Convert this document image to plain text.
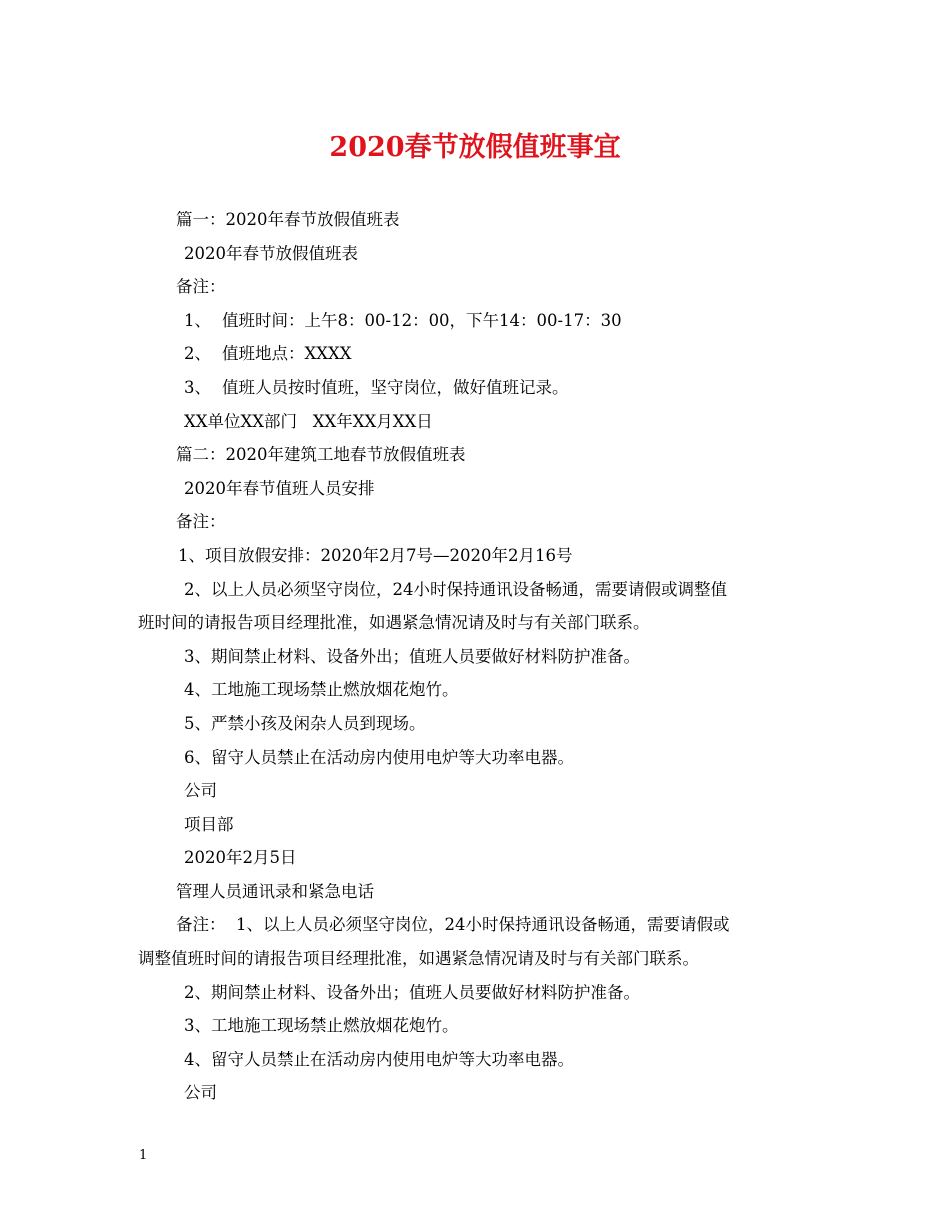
2020春节放假值班事宜
篇一：2020年春节放假值班表
2020年春节放假值班表
备注：
1、 值班时间：上午8：00-12：00，下午14：00-17：30
2、 值班地点：XXXX
3、 值班人员按时值班，坚守岗位，做好值班记录。
XX单位XX部门   XX年XX月XX日
篇二：2020年建筑工地春节放假值班表
2020年春节值班人员安排
备注：
1、项目放假安排：2020年2月7号—2020年2月16号
2、以上人员必须坚守岗位，24小时保持通讯设备畅通，需要请假或调整值
班时间的请报告项目经理批准，如遇紧急情况请及时与有关部门联系。
3、期间禁止材料、设备外出；值班人员要做好材料防护准备。
4、工地施工现场禁止燃放烟花炮竹。
5、严禁小孩及闲杂人员到现场。
6、留守人员禁止在活动房内使用电炉等大功率电器。
公司
项目部
2020年2月5日
管理人员通讯录和紧急电话
备注：  1、以上人员必须坚守岗位，24小时保持通讯设备畅通，需要请假或
调整值班时间的请报告项目经理批准，如遇紧急情况请及时与有关部门联系。
2、期间禁止材料、设备外出；值班人员要做好材料防护准备。
3、工地施工现场禁止燃放烟花炮竹。
4、留守人员禁止在活动房内使用电炉等大功率电器。
公司
1
